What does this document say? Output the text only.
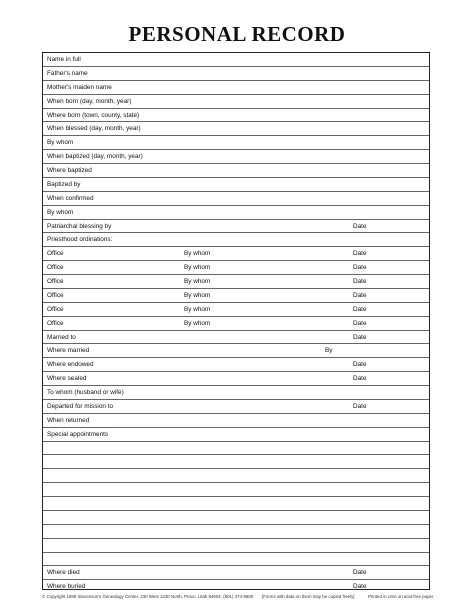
PERSONAL RECORD
Name in full
Father's name
Mother's maiden name
When born (day, month, year)
Where born (town, county, state)
When blessed (day, month, year)
By whom
When baptized (day, month, year)
Where baptized
Baptized by
When confirmed
By whom
Patriarchal blessing by	Date
Priesthood ordinations:
Office	By whom	Date
Office	By whom	Date
Office	By whom	Date
Office	By whom	Date
Office	By whom	Date
Office	By whom	Date
Married to	Date
Where married	By
Where endowed	Date
Where sealed	Date
To whom (husband or wife)
Departed for mission to	Date
When returned
Special appointments
Where died	Date
Where buried	Date
© Copyright 1988 Stevenson's Genealogy Center, 230 West 1230 North, Provo, Utah 84604, (801) 374-9600 [Forms with data on them may be copied freely]	Printed in USA on acid-free paper
